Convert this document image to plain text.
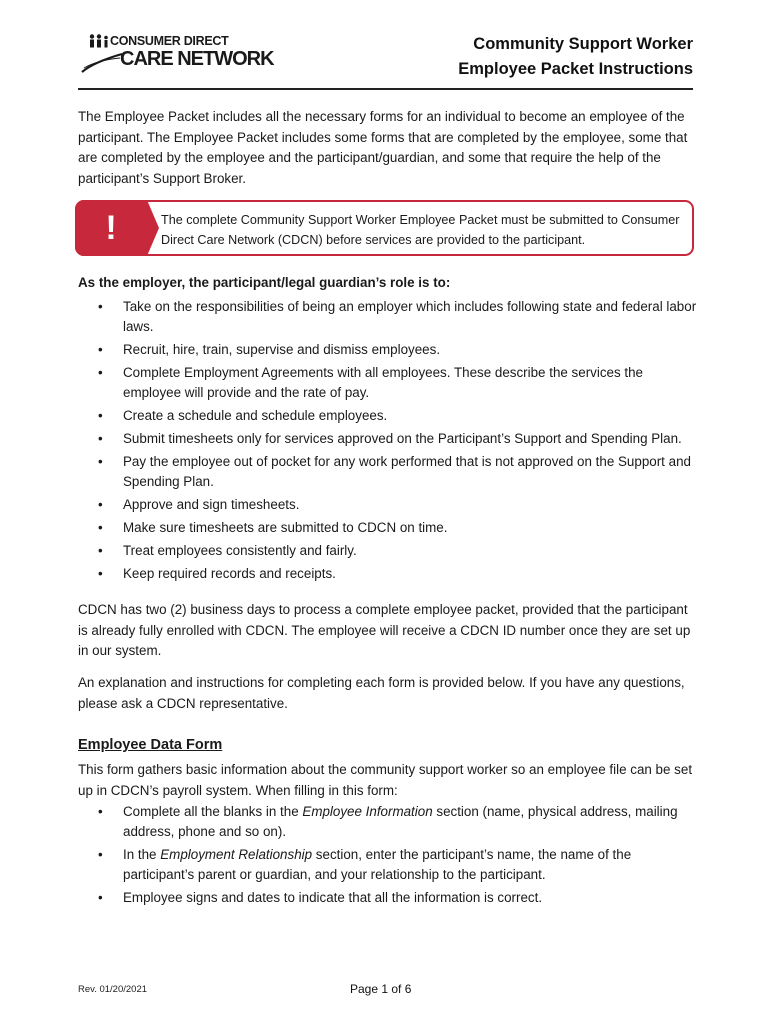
CONSUMER DIRECT
CARE NETWORK
Community Support Worker
Employee Packet Instructions
The Employee Packet includes all the necessary forms for an individual to become an employee of the participant. The Employee Packet includes some forms that are completed by the employee, some that are completed by the employee and the participant/guardian, and some that require the help of the participant’s Support Broker.
!	The complete Community Support Worker Employee Packet must be submitted to Consumer Direct Care Network (CDCN) before services are provided to the participant.
As the employer, the participant/legal guardian’s role is to:
• Take on the responsibilities of being an employer which includes following state and federal labor laws.
• Recruit, hire, train, supervise and dismiss employees.
• Complete Employment Agreements with all employees. These describe the services the employee will provide and the rate of pay.
• Create a schedule and schedule employees.
• Submit timesheets only for services approved on the Participant’s Support and Spending Plan.
• Pay the employee out of pocket for any work performed that is not approved on the Support and Spending Plan.
• Approve and sign timesheets.
• Make sure timesheets are submitted to CDCN on time.
• Treat employees consistently and fairly.
• Keep required records and receipts.
CDCN has two (2) business days to process a complete employee packet, provided that the participant is already fully enrolled with CDCN. The employee will receive a CDCN ID number once they are set up in our system.
An explanation and instructions for completing each form is provided below. If you have any questions, please ask a CDCN representative.
Employee Data Form
This form gathers basic information about the community support worker so an employee file can be set up in CDCN’s payroll system. When filling in this form:
• Complete all the blanks in the Employee Information section (name, physical address, mailing address, phone and so on).
• In the Employment Relationship section, enter the participant’s name, the name of the participant’s parent or guardian, and your relationship to the participant.
• Employee signs and dates to indicate that all the information is correct.
Rev. 01/20/2021	Page 1 of 6
